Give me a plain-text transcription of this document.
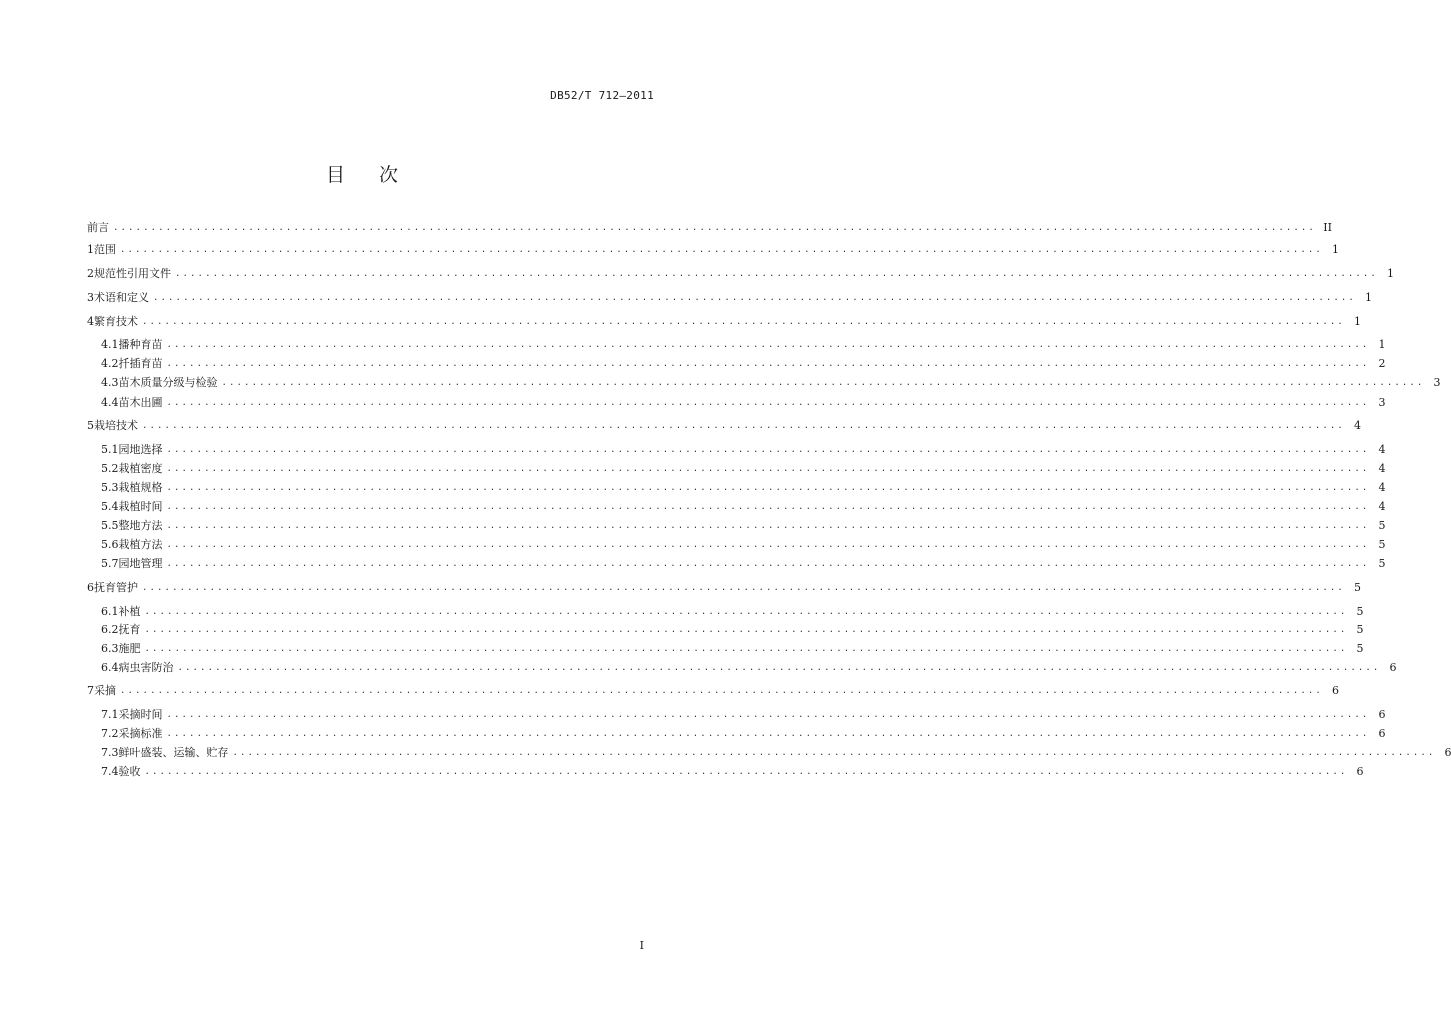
DB52/T 712—2011
目 次
前言 ................................................................................................................................................................ II
1 范围 ................................................................................................................................................................ 1
2 规范性引用文件 ................................................................................................................................................................ 1
3 术语和定义 ................................................................................................................................................................ 1
4 繁育技术 ................................................................................................................................................................ 1
4.1 播种育苗 ................................................................................................................................................................ 1
4.2 扦插育苗 ................................................................................................................................................................ 2
4.3 苗木质量分级与检验 ................................................................................................................................................................ 3
4.4 苗木出圃 ................................................................................................................................................................ 3
5 栽培技术 ................................................................................................................................................................ 4
5.1 园地选择 ................................................................................................................................................................ 4
5.2 栽植密度 ................................................................................................................................................................ 4
5.3 栽植规格 ................................................................................................................................................................ 4
5.4 栽植时间 ................................................................................................................................................................ 4
5.5 整地方法 ................................................................................................................................................................ 5
5.6 栽植方法 ................................................................................................................................................................ 5
5.7 园地管理 ................................................................................................................................................................ 5
6 抚育管护 ................................................................................................................................................................ 5
6.1 补植 ................................................................................................................................................................ 5
6.2 抚育 ................................................................................................................................................................ 5
6.3 施肥 ................................................................................................................................................................ 5
6.4 病虫害防治 ................................................................................................................................................................ 6
7 采摘 ................................................................................................................................................................ 6
7.1 采摘时间 ................................................................................................................................................................ 6
7.2 采摘标准 ................................................................................................................................................................ 6
7.3 鲜叶盛装、运输、贮存 ................................................................................................................................................................ 6
7.4 验收 ................................................................................................................................................................ 6
I
